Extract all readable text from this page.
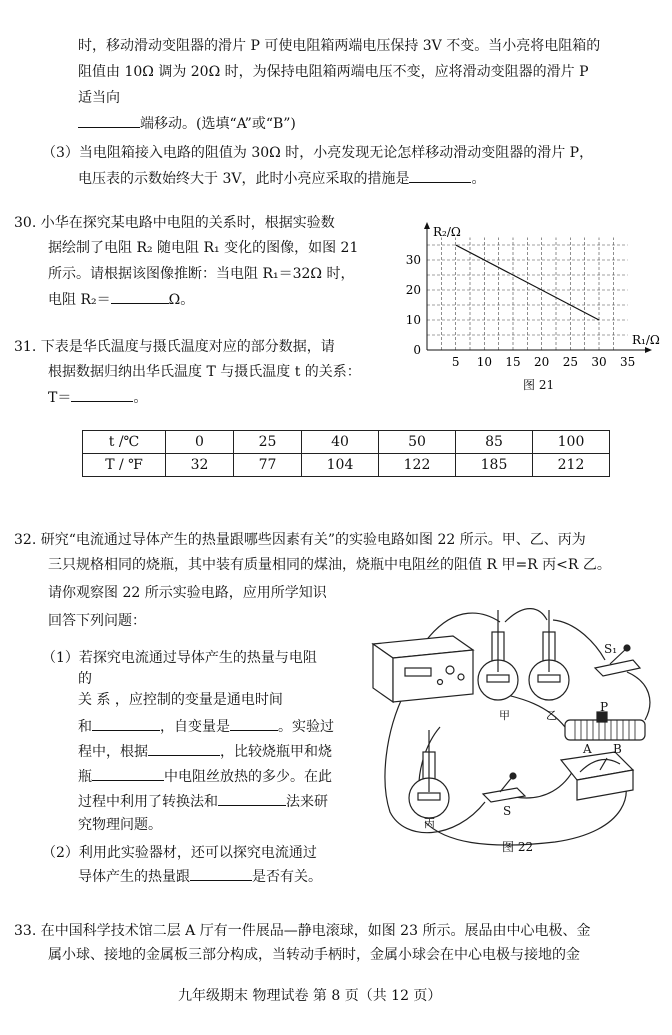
时，移动滑动变阻器的滑片 P 可使电阻箱两端电压保持 3V 不变。当小亮将电阻箱的
阻值由 10Ω 调为 20Ω 时，为保持电阻箱两端电压不变，应将滑动变阻器的滑片 P
适当向
端移动。(选填“A”或“B”)
（3）当电阻箱接入电路的阻值为 30Ω 时，小亮发现无论怎样移动滑动变阻器的滑片 P，
电压表的示数始终大于 3V，此时小亮应采取的措施是	。
30. 小华在探究某电路中电阻的关系时，根据实验数
据绘制了电阻 R₂ 随电阻 R₁ 变化的图像，如图 21
所示。请根据该图像推断：当电阻 R₁＝32Ω 时，
电阻 R₂＝	Ω。
31. 下表是华氏温度与摄氏温度对应的部分数据，请
根据数据归纳出华氏温度 T 与摄氏温度 t 的关系：
T＝	。
R₂/Ω
R₁/Ω
5 10 15 20 25 30 35
0
10
20
30
t /℃	0	25	40	50	85	100
T / ℉	32	77	104	122	185	212
32. 研究“电流通过导体产生的热量跟哪些因素有关”的实验电路如图 22 所示。甲、乙、丙为
三只规格相同的烧瓶，其中装有质量相同的煤油，烧瓶中电阻丝的阻值 R 甲=R 丙<R 乙。
请你观察图 22 所示实验电路，应用所学知识
回答下列问题：
（1）若探究电流通过导体产生的热量与电阻
的
关 系 ，应控制的变量是通电时间
和	，自变量是	。实验过
程中，根据	，比较烧瓶甲和烧
瓶	中电阻丝放热的多少。在此
过程中利用了转换法和	法来研
究物理问题。
（2）利用此实验器材，还可以探究电流通过
导体产生的热量跟	是否有关。
甲	乙
丙
S₁
S
P
A B
图 22
33. 在中国科学技术馆二层 A 厅有一件展品—静电滚球，如图 23 所示。展品由中心电极、金
属小球、接地的金属板三部分构成，当转动手柄时，金属小球会在中心电极与接地的金
九年级期末 物理试卷 第 8 页（共 12 页）
图 21
